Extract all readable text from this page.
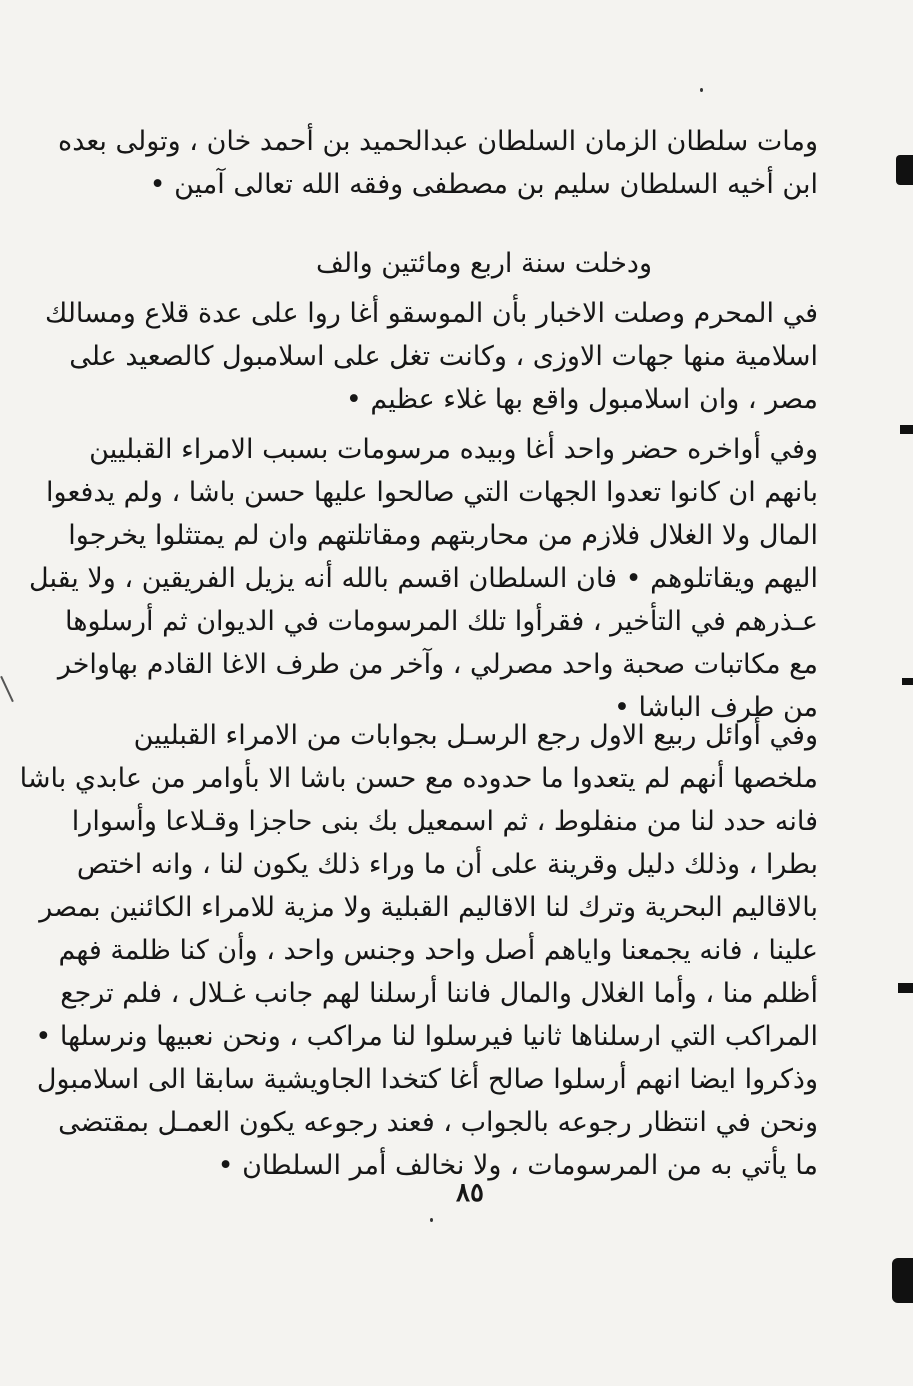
ومات سلطان الزمان السلطان عبدالحميد بن أحمد خان ، وتولى بعده
ابن أخيه السلطان سليم بن مصطفى وفقه الله تعالى آمين •
ودخلت سنة اربع ومائتين والف
في المحرم وصلت الاخبار بأن الموسقو أغا روا على عدة قلاع ومسالك
اسلامية منها جهات الاوزى ، وكانت تغل على اسلامبول كالصعيد على
مصر ، وان اسلامبول واقع بها غلاء عظيم •
وفي أواخره حضر واحد أغا وبيده مرسومات بسبب الامراء القبليين
بانهم ان كانوا تعدوا الجهات التي صالحوا عليها حسن باشا ، ولم يدفعوا
المال ولا الغلال فلازم من محاربتهم ومقاتلتهم وان لم يمتثلوا يخرجوا
اليهم ويقاتلوهم • فان السلطان اقسم بالله أنه يزيل الفريقين ، ولا يقبل
عـذرهم في التأخير ، فقرأوا تلك المرسومات في الديوان ثم أرسلوها
مع مكاتبات صحبة واحد مصرلي ، وآخر من طرف الاغا القادم بهاواخر
من طرف الباشا •
وفي أوائل ربيع الاول رجع الرسـل بجوابات من الامراء القبليين
ملخصها أنهم لم يتعدوا ما حدوده مع حسن باشا الا بأوامر من عابدي باشا
فانه حدد لنا من منفلوط ، ثم اسمعيل بك بنى حاجزا وقـلاعا وأسوارا
بطرا ، وذلك دليل وقرينة على أن ما وراء ذلك يكون لنا ، وانه اختص
بالاقاليم البحرية وترك لنا الاقاليم القبلية ولا مزية للامراء الكائنين بمصر
علينا ، فانه يجمعنا واياهم أصل واحد وجنس واحد ، وأن كنا ظلمة فهم
أظلم منا ، وأما الغلال والمال فاننا أرسلنا لهم جانب غـلال ، فلم ترجع
المراكب التي ارسلناها ثانيا فيرسلوا لنا مراكب ، ونحن نعبيها ونرسلها •
وذكروا ايضا انهم أرسلوا صالح أغا كتخدا الجاويشية سابقا الى اسلامبول
ونحن في انتظار رجوعه بالجواب ، فعند رجوعه يكون العمـل بمقتضى
ما يأتي به من المرسومات ، ولا نخالف أمر السلطان •
٨٥
